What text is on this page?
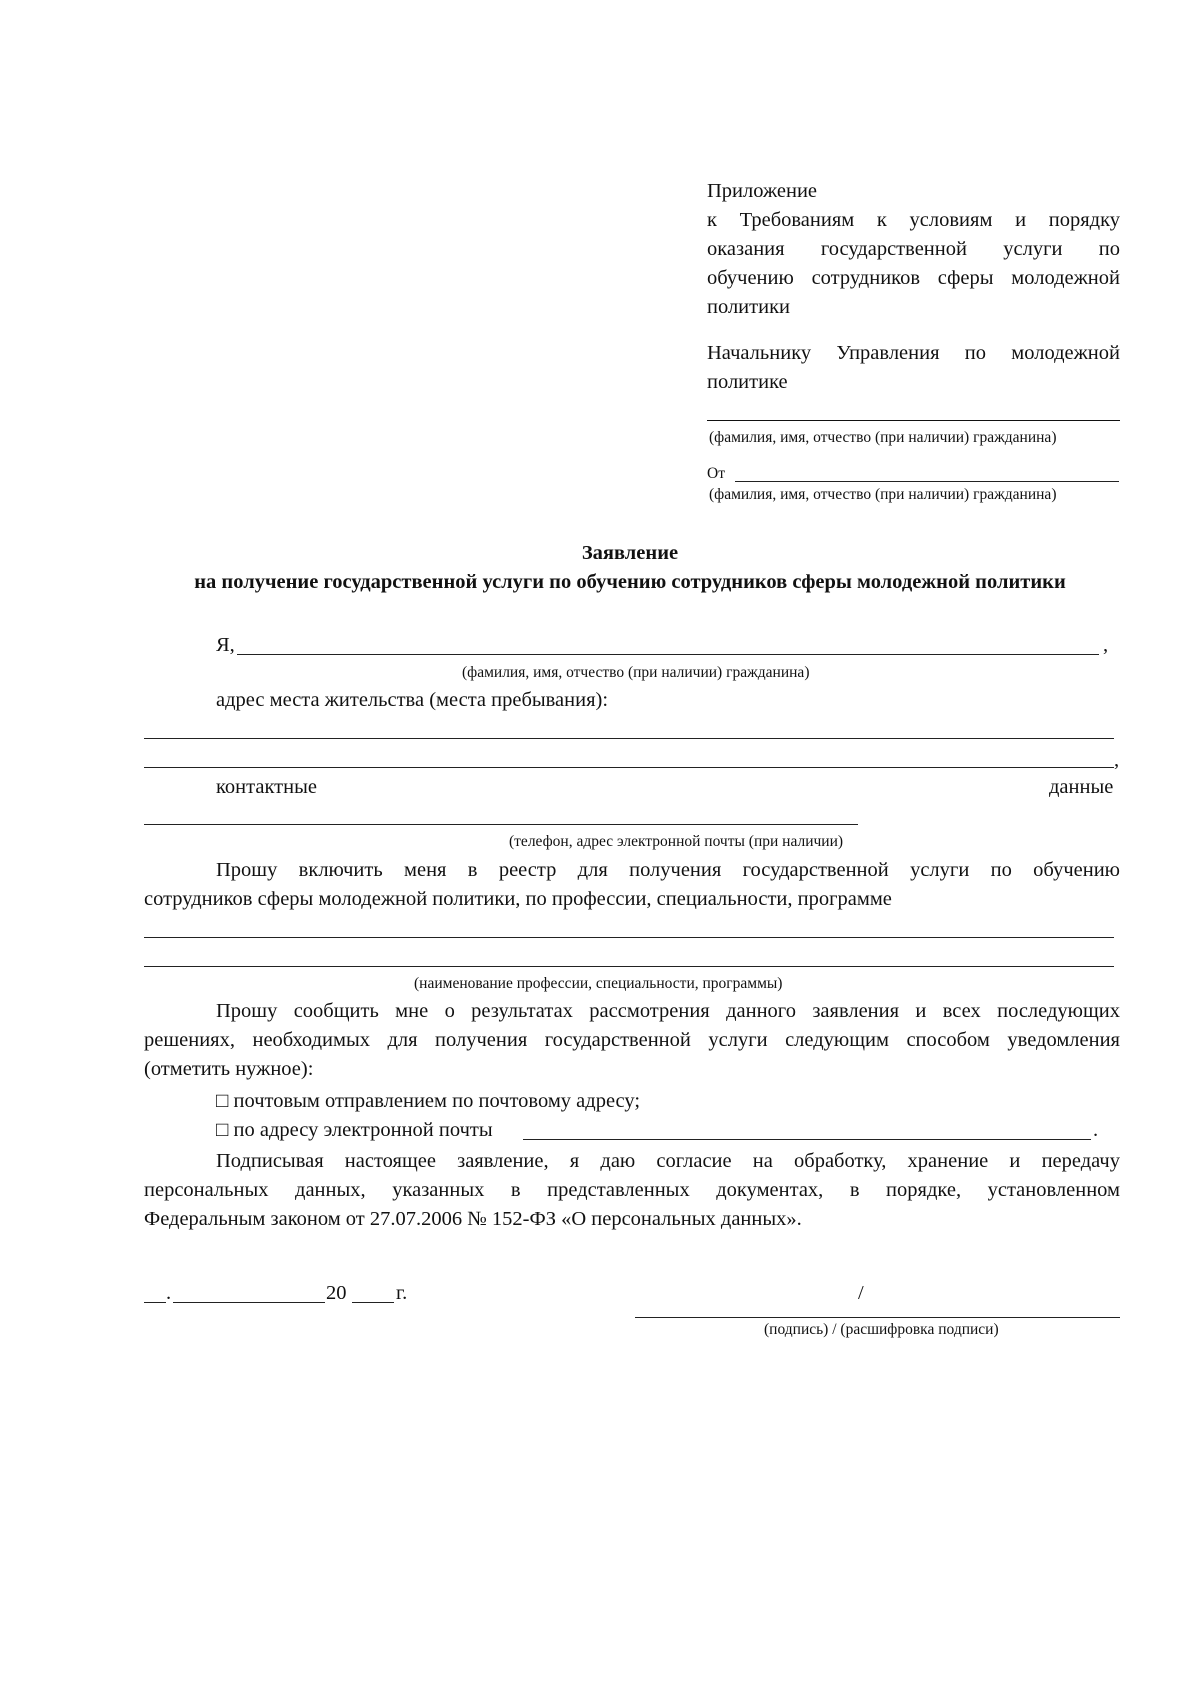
Приложение
к Требованиям к условиям и порядку
оказания государственной услуги по
обучению сотрудников сферы молодежной
политики
Начальнику Управления по молодежной
политике
(фамилия, имя, отчество (при наличии) гражданина)
От
(фамилия, имя, отчество (при наличии) гражданина)
Заявление
на получение государственной услуги по обучению сотрудников сферы молодежной политики
Я,	,
(фамилия, имя, отчество (при наличии) гражданина)
адрес места жительства (места пребывания):
,
контактные	данные
(телефон, адрес электронной почты (при наличии)
Прошу включить меня в реестр для получения государственной услуги по обучению
сотрудников сферы молодежной политики, по профессии, специальности, программе
(наименование профессии, специальности, программы)
Прошу сообщить мне о результатах рассмотрения данного заявления и всех последующих
решениях, необходимых для получения государственной услуги следующим способом уведомления
(отметить нужное):
□ почтовым отправлением по почтовому адресу;
□ по адресу электронной почты	.
Подписывая настоящее заявление, я даю согласие на обработку, хранение и передачу
персональных данных, указанных в представленных документах, в порядке, установленном
Федеральным законом от 27.07.2006 № 152-ФЗ «О персональных данных».
.	20 г.	/
(подпись) / (расшифровка подписи)
